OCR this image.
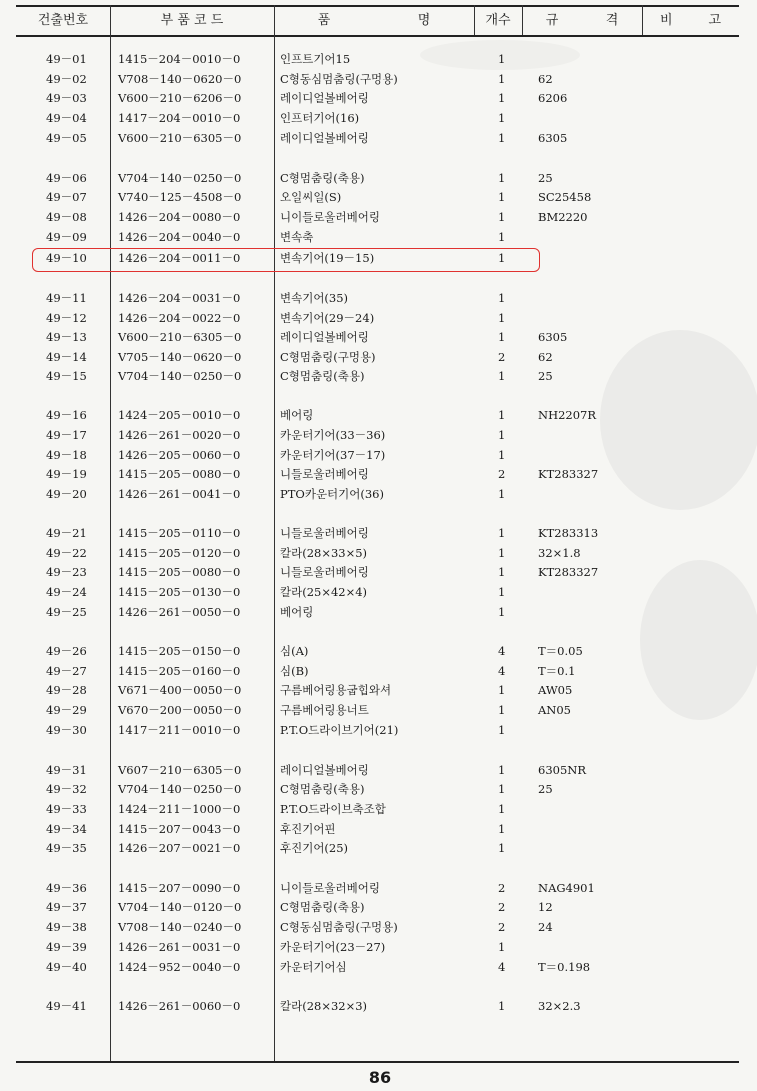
건출번호	부 품 코 드	품	명	개수	규	격	비	고
49－01	1415－204－0010－0	인프트기어15	1
49－02	V708－140－0620－0	C형동심멈춤링(구멍용)	1	62
49－03	V600－210－6206－0	레이디얼볼베어링	1	6206
49－04	1417－204－0010－0	인프터기어(16)	1
49－05	V600－210－6305－0	레이디얼볼베어링	1	6305
49－06	V704－140－0250－0	C형멈춤링(축용)	1	25
49－07	V740－125－4508－0	오일씨일(S)	1	SC25458
49－08	1426－204－0080－0	니이들로울러베어링	1	BM2220
49－09	1426－204－0040－0	변속축	1
49－10	1426－204－0011－0	변속기어(19－15)	1
49－11	1426－204－0031－0	변속기어(35)	1
49－12	1426－204－0022－0	변속기어(29－24)	1
49－13	V600－210－6305－0	레이디얼볼베어링	1	6305
49－14	V705－140－0620－0	C형멈춤링(구멍용)	2	62
49－15	V704－140－0250－0	C형멈춤링(축용)	1	25
49－16	1424－205－0010－0	베어링	1	NH2207R
49－17	1426－261－0020－0	카운터기어(33－36)	1
49－18	1426－205－0060－0	카운터기어(37－17)	1
49－19	1415－205－0080－0	니들로울러베어링	2	KT283327
49－20	1426－261－0041－0	PTO카운터기어(36)	1
49－21	1415－205－0110－0	니들로울러베어링	1	KT283313
49－22	1415－205－0120－0	칼라(28×33×5)	1	32×1.8
49－23	1415－205－0080－0	니들로울러베어링	1	KT283327
49－24	1415－205－0130－0	칼라(25×42×4)	1
49－25	1426－261－0050－0	베어링	1
49－26	1415－205－0150－0	심(A)	4	T＝0.05
49－27	1415－205－0160－0	심(B)	4	T＝0.1
49－28	V671－400－0050－0	구름베어링용굽힙와셔	1	AW05
49－29	V670－200－0050－0	구름베어링용너트	1	AN05
49－30	1417－211－0010－0	P.T.O드라이브기어(21)	1
49－31	V607－210－6305－0	레이디얼볼베어링	1	6305NR
49－32	V704－140－0250－0	C형멈춤링(축용)	1	25
49－33	1424－211－1000－0	P.T.O드라이브축조합	1
49－34	1415－207－0043－0	후진기어핀	1
49－35	1426－207－0021－0	후진기어(25)	1
49－36	1415－207－0090－0	니이들로울러베어링	2	NAG4901
49－37	V704－140－0120－0	C형멈춤링(축용)	2	12
49－38	V708－140－0240－0	C형동심멈춤링(구멍용)	2	24
49－39	1426－261－0031－0	카운터기어(23－27)	1
49－40	1424－952－0040－0	카운터기어심	4	T＝0.198
49－41	1426－261－0060－0	칼라(28×32×3)	1	32×2.3
86
